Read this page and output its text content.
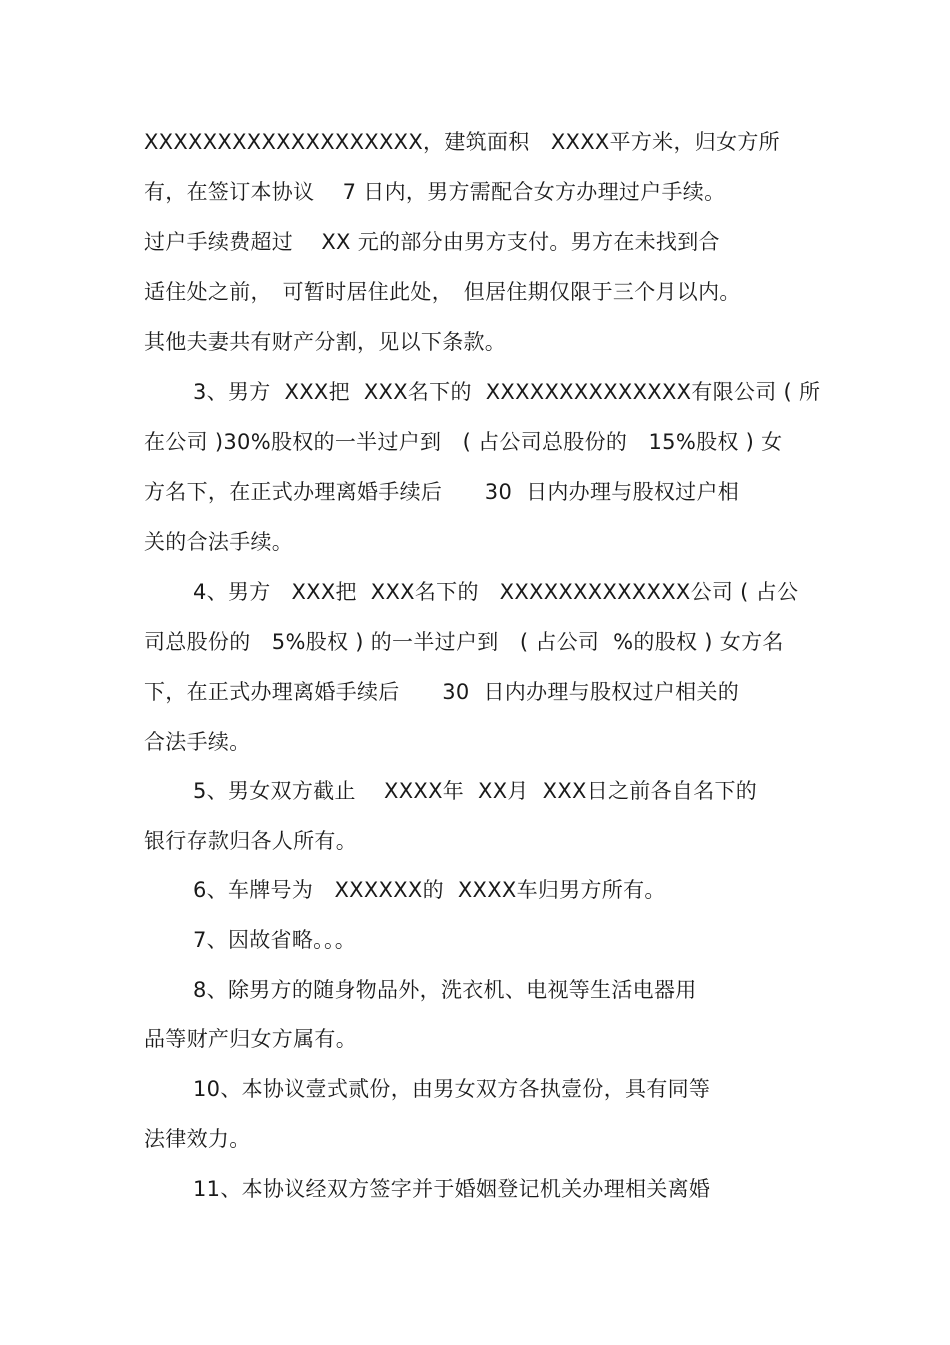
XXXXXXXXXXXXXXXXXXX，建筑面积　XXXX平方米，归女方所
有，在签订本协议　 7 日内，男方需配合女方办理过户手续。
过户手续费超过　 XX 元的部分由男方支付。男方在未找到合
适住处之前，　可暂时居住此处，　但居住期仅限于三个月以内。
其他夫妻共有财产分割，见以下条款。
3、男方  XXX把  XXX名下的  XXXXXXXXXXXXXX有限公司 ( 所
在公司 )30%股权的一半过户到　( 占公司总股份的　15%股权 ) 女
方名下，在正式办理离婚手续后　　30  日内办理与股权过户相
关的合法手续。
4、男方   XXX把  XXX名下的   XXXXXXXXXXXXX公司 ( 占公
司总股份的　5%股权 ) 的一半过户到　( 占公司  %的股权 ) 女方名
下，在正式办理离婚手续后　　30  日内办理与股权过户相关的
合法手续。
5、男女双方截止　 XXXX年  XX月  XXX日之前各自名下的
银行存款归各人所有。
6、车牌号为　XXXXXX的  XXXX车归男方所有。
7、因故省略。。。
8、除男方的随身物品外，洗衣机、电视等生活电器用
品等财产归女方属有。
10、本协议壹式贰份，由男女双方各执壹份，具有同等
法律效力。
11、本协议经双方签字并于婚姻登记机关办理相关离婚
